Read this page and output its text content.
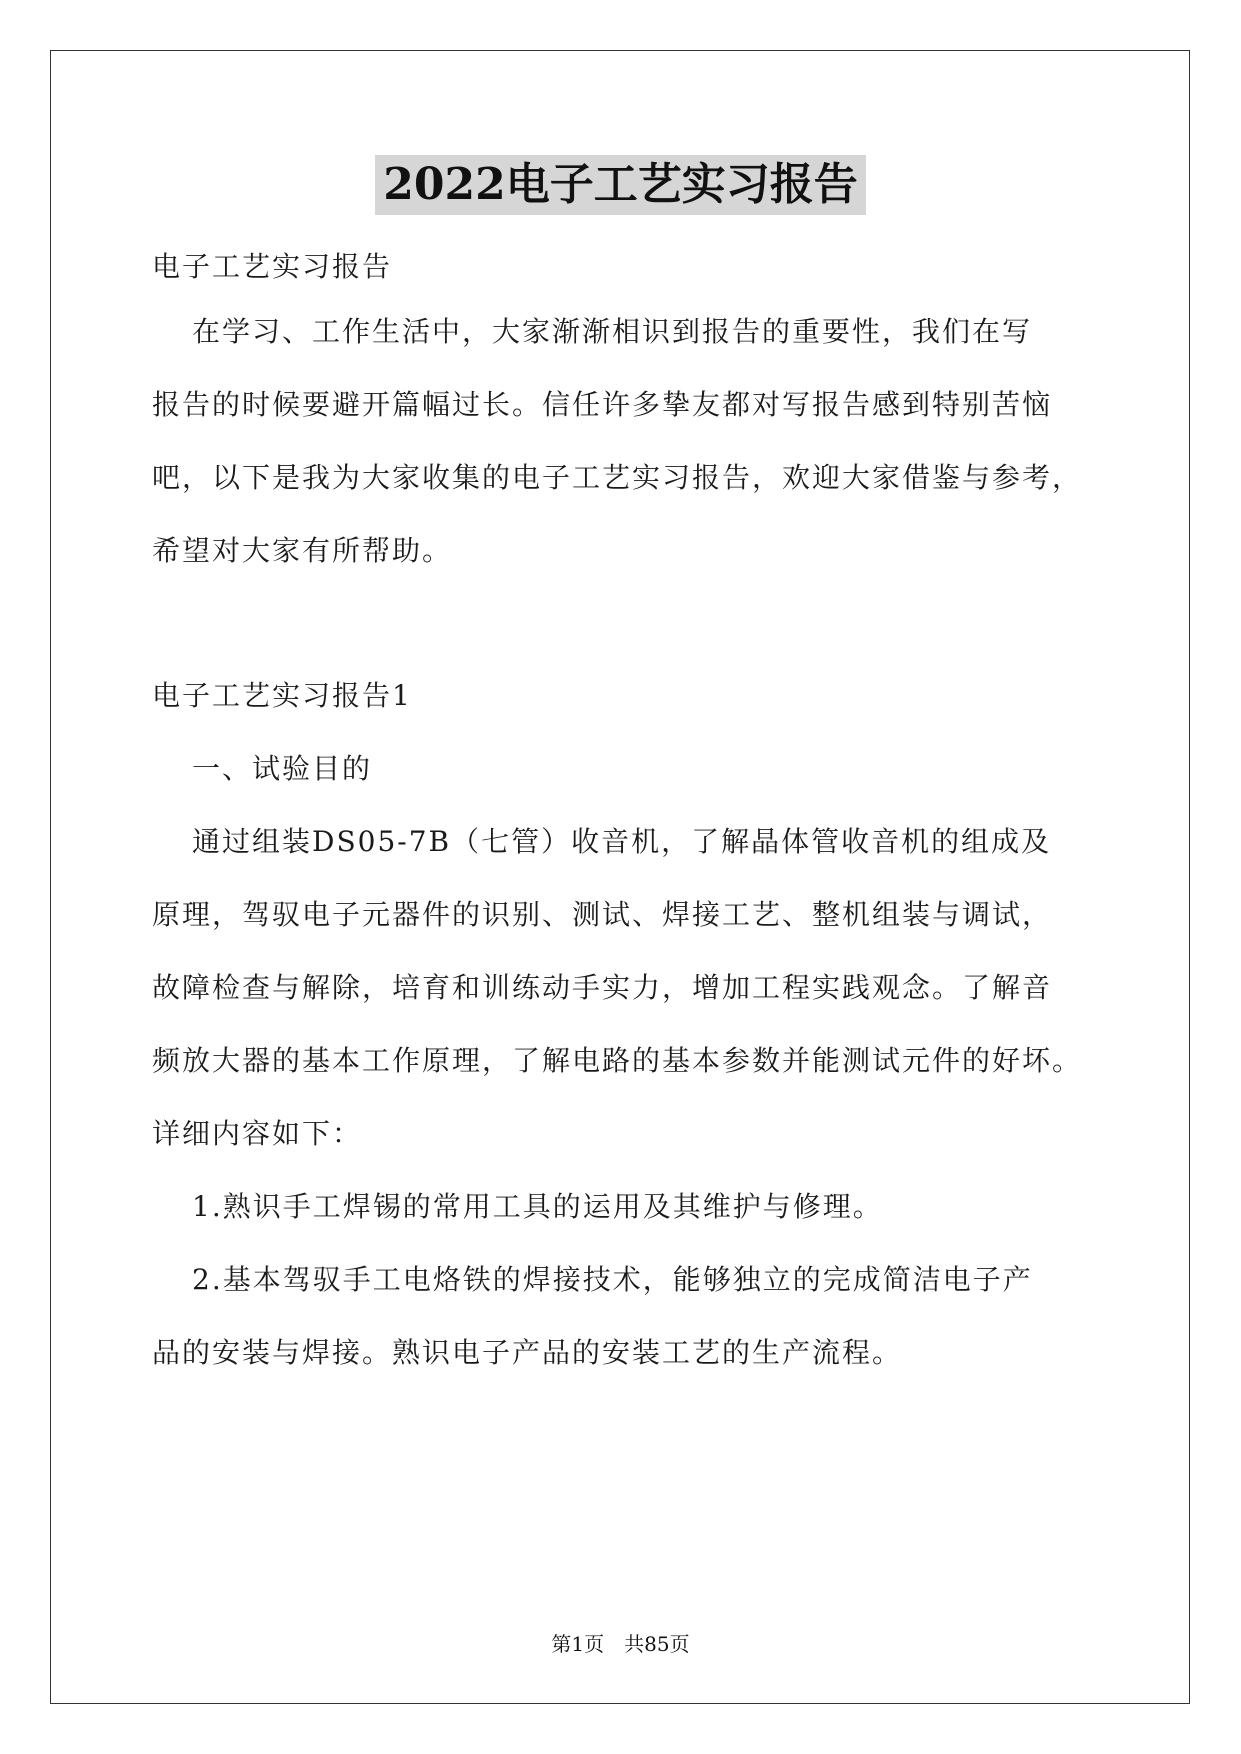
2022电子工艺实习报告
电子工艺实习报告
在学习、工作生活中，大家渐渐相识到报告的重要性，我们在写
报告的时候要避开篇幅过长。信任许多挚友都对写报告感到特别苦恼
吧，以下是我为大家收集的电子工艺实习报告，欢迎大家借鉴与参考，
希望对大家有所帮助。
电子工艺实习报告1
一、试验目的
通过组装DS05-7B（七管）收音机，了解晶体管收音机的组成及
原理，驾驭电子元器件的识别、测试、焊接工艺、整机组装与调试，
故障检查与解除，培育和训练动手实力，增加工程实践观念。了解音
频放大器的基本工作原理，了解电路的基本参数并能测试元件的好坏。
详细内容如下：
1.熟识手工焊锡的常用工具的运用及其维护与修理。
2.基本驾驭手工电烙铁的焊接技术，能够独立的完成简洁电子产
品的安装与焊接。熟识电子产品的安装工艺的生产流程。
第1页　共85页
